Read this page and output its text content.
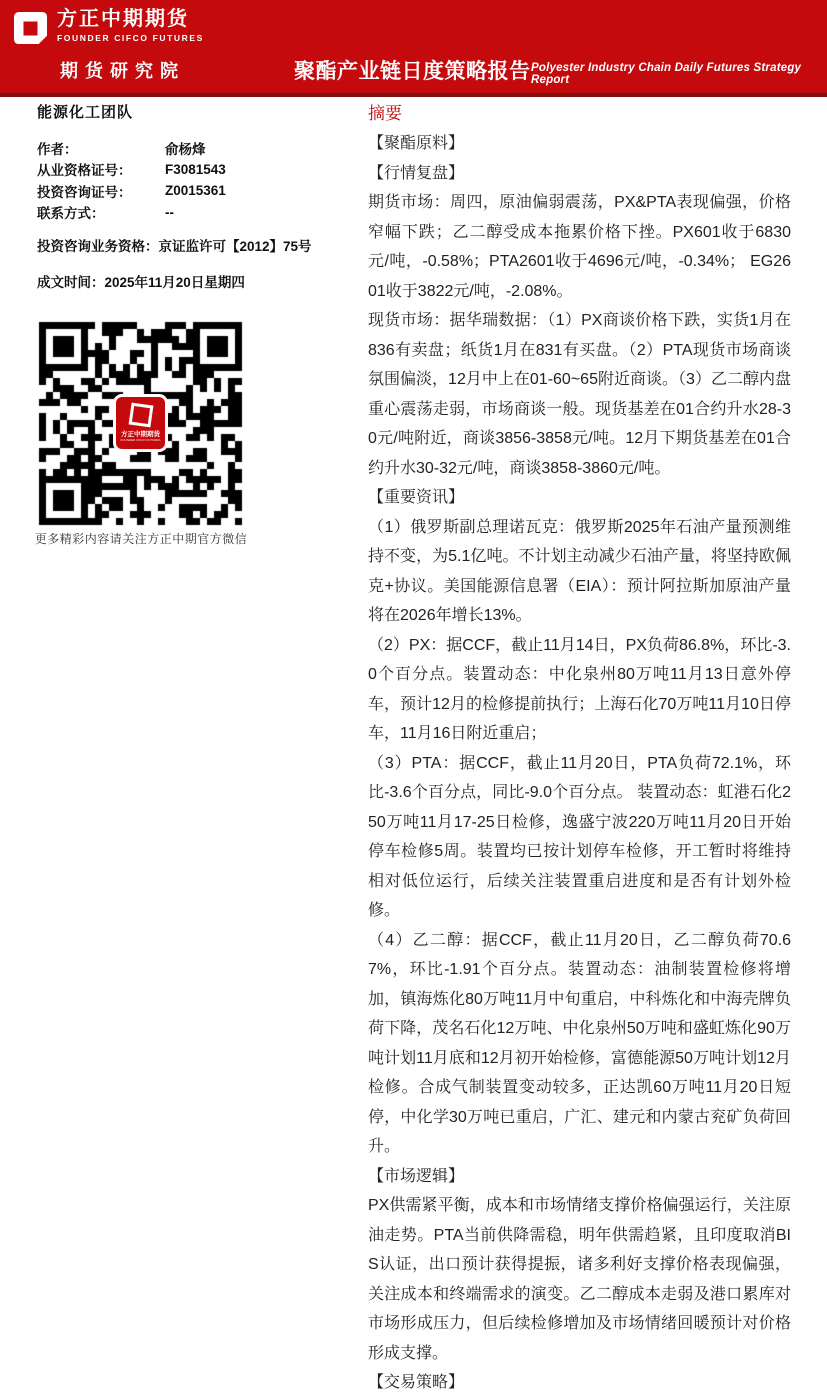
方正中期期货
FOUNDER CIFCO FUTURES
期货研究院	聚酯产业链日度策略报告 Polyester Industry Chain Daily Futures Strategy Report
能源化工团队
作者：	俞杨烽
从业资格证号：	F3081543
投资咨询证号：	Z0015361
联系方式：	--
投资咨询业务资格：京证监许可【2012】75号
成文时间：2025年11月20日星期四
方正中期期货
FOUNDER CIFCO FUTURES
更多精彩内容请关注方正中期官方微信
摘要

【聚酯原料】

【行情复盘】

期货市场：周四，原油偏弱震荡，PX&PTA表现偏强，价格窄幅下跌；乙二醇受成本拖累价格下挫。PX601收于6830元/吨，-0.58%；PTA2601收于4696元/吨，-0.34%； EG2601收于3822元/吨，-2.08%。

现货市场：据华瑞数据：（1）PX商谈价格下跌，实货1月在836有卖盘；纸货1月在831有买盘。（2）PTA现货市场商谈氛围偏淡，12月中上在01-60~65附近商谈。（3）乙二醇内盘重心震荡走弱，市场商谈一般。现货基差在01合约升水28-30元/吨附近，商谈3856-3858元/吨。12月下期货基差在01合约升水30-32元/吨，商谈3858-3860元/吨。

【重要资讯】

（1）俄罗斯副总理诺瓦克：俄罗斯2025年石油产量预测维持不变，为5.1亿吨。不计划主动减少石油产量，将坚持欧佩克+协议。美国能源信息署（EIA）：预计阿拉斯加原油产量将在2026年增长13%。

（2）PX：据CCF，截止11月14日，PX负荷86.8%，环比-3.0个百分点。装置动态：中化泉州80万吨11月13日意外停车，预计12月的检修提前执行；上海石化70万吨11月10日停车，11月16日附近重启；

（3）PTA：据CCF，截止11月20日，PTA负荷72.1%，环比-3.6个百分点，同比-9.0个百分点。 装置动态：虹港石化250万吨11月17-25日检修，逸盛宁波220万吨11月20日开始停车检修5周。装置均已按计划停车检修，开工暂时将维持相对低位运行，后续关注装置重启进度和是否有计划外检修。

（4）乙二醇：据CCF，截止11月20日，乙二醇负荷70.67%，环比-1.91个百分点。装置动态：油制装置检修将增加，镇海炼化80万吨11月中旬重启，中科炼化和中海壳牌负荷下降，茂名石化12万吨、中化泉州50万吨和盛虹炼化90万吨计划11月底和12月初开始检修，富德能源50万吨计划12月检修。合成气制装置变动较多，正达凯60万吨11月20日短停，中化学30万吨已重启，广汇、建元和内蒙古兖矿负荷回升。

【市场逻辑】

PX供需紧平衡，成本和市场情绪支撑价格偏强运行，关注原油走势。PTA当前供降需稳，明年供需趋紧，且印度取消BIS认证，出口预计获得提振，诸多利好支撑价格表现偏强，关注成本和终端需求的演变。乙二醇成本走弱及港口累库对市场形成压力，但后续检修增加及市场情绪回暖预计对价格形成支撑。

【交易策略】
